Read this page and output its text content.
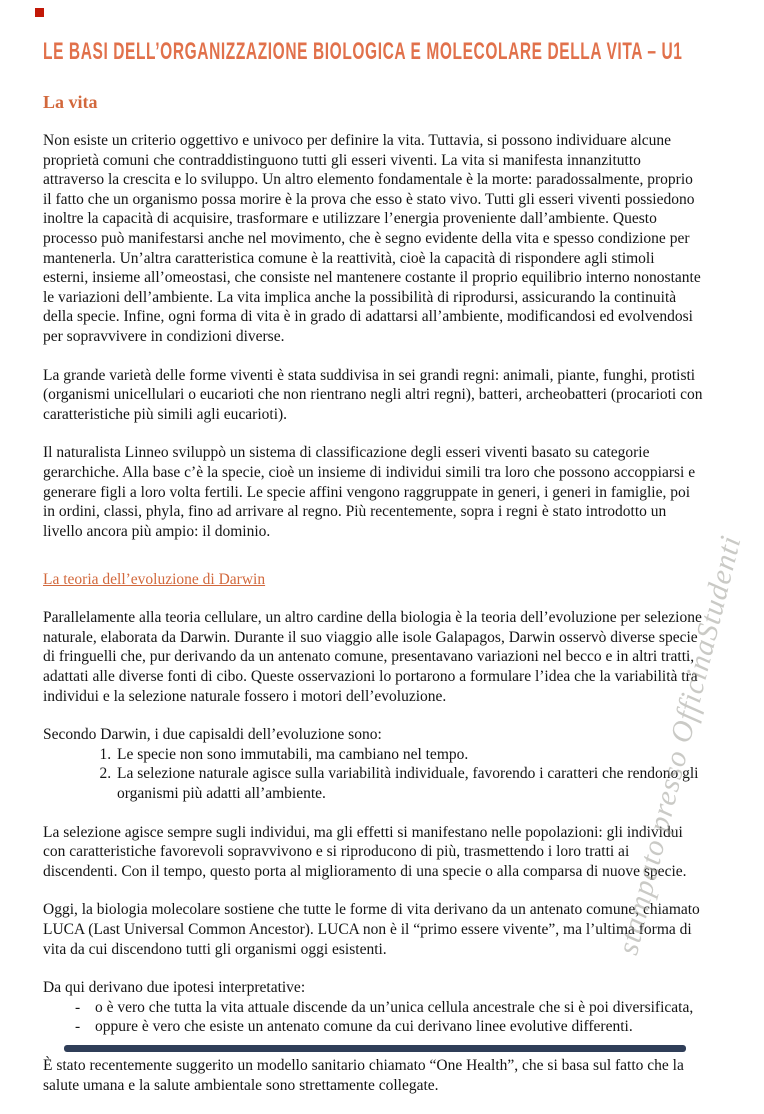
LE BASI DELL’ORGANIZZAZIONE BIOLOGICA E MOLECOLARE DELLA VITA – U1
La vita

Non esiste un criterio oggettivo e univoco per definire la vita. Tuttavia, si possono individuare alcune proprietà comuni che contraddistinguono tutti gli esseri viventi. La vita si manifesta innanzitutto attraverso la crescita e lo sviluppo. Un altro elemento fondamentale è la morte: paradossalmente, proprio il fatto che un organismo possa morire è la prova che esso è stato vivo. Tutti gli esseri viventi possiedono inoltre la capacità di acquisire, trasformare e utilizzare l’energia proveniente dall’ambiente. Questo processo può manifestarsi anche nel movimento, che è segno evidente della vita e spesso condizione per mantenerla. Un’altra caratteristica comune è la reattività, cioè la capacità di rispondere agli stimoli esterni, insieme all’omeostasi, che consiste nel mantenere costante il proprio equilibrio interno nonostante le variazioni dell’ambiente. La vita implica anche la possibilità di riprodursi, assicurando la continuità della specie. Infine, ogni forma di vita è in grado di adattarsi all’ambiente, modificandosi ed evolvendosi per sopravvivere in condizioni diverse.

La grande varietà delle forme viventi è stata suddivisa in sei grandi regni: animali, piante, funghi, protisti (organismi unicellulari o eucarioti che non rientrano negli altri regni), batteri, archeobatteri (procarioti con caratteristiche più simili agli eucarioti).

Il naturalista Linneo sviluppò un sistema di classificazione degli esseri viventi basato su categorie gerarchiche. Alla base c’è la specie, cioè un insieme di individui simili tra loro che possono accoppiarsi e generare figli a loro volta fertili. Le specie affini vengono raggruppate in generi, i generi in famiglie, poi in ordini, classi, phyla, fino ad arrivare al regno. Più recentemente, sopra i regni è stato introdotto un livello ancora più ampio: il dominio.

La teoria dell’evoluzione di Darwin

Parallelamente alla teoria cellulare, un altro cardine della biologia è la teoria dell’evoluzione per selezione naturale, elaborata da Darwin. Durante il suo viaggio alle isole Galapagos, Darwin osservò diverse specie di fringuelli che, pur derivando da un antenato comune, presentavano variazioni nel becco e in altri tratti, adattati alle diverse fonti di cibo. Queste osservazioni lo portarono a formulare l’idea che la variabilità tra individui e la selezione naturale fossero i motori dell’evoluzione.

Secondo Darwin, i due capisaldi dell’evoluzione sono:

1. Le specie non sono immutabili, ma cambiano nel tempo.
2. La selezione naturale agisce sulla variabilità individuale, favorendo i caratteri che rendono gli organismi più adatti all’ambiente.

La selezione agisce sempre sugli individui, ma gli effetti si manifestano nelle popolazioni: gli individui con caratteristiche favorevoli sopravvivono e si riproducono di più, trasmettendo i loro tratti ai discendenti. Con il tempo, questo porta al miglioramento di una specie o alla comparsa di nuove specie.

Oggi, la biologia molecolare sostiene che tutte le forme di vita derivano da un antenato comune, chiamato LUCA (Last Universal Common Ancestor). LUCA non è il “primo essere vivente”, ma l’ultima forma di vita da cui discendono tutti gli organismi oggi esistenti.

Da qui derivano due ipotesi interpretative:

- o è vero che tutta la vita attuale discende da un’unica cellula ancestrale che si è poi diversificata,
- oppure è vero che esiste un antenato comune da cui derivano linee evolutive differenti.

È stato recentemente suggerito un modello sanitario chiamato “One Health”, che si basa sul fatto che la salute umana e la salute ambientale sono strettamente collegate.

stampato presso OfficinaStudenti
